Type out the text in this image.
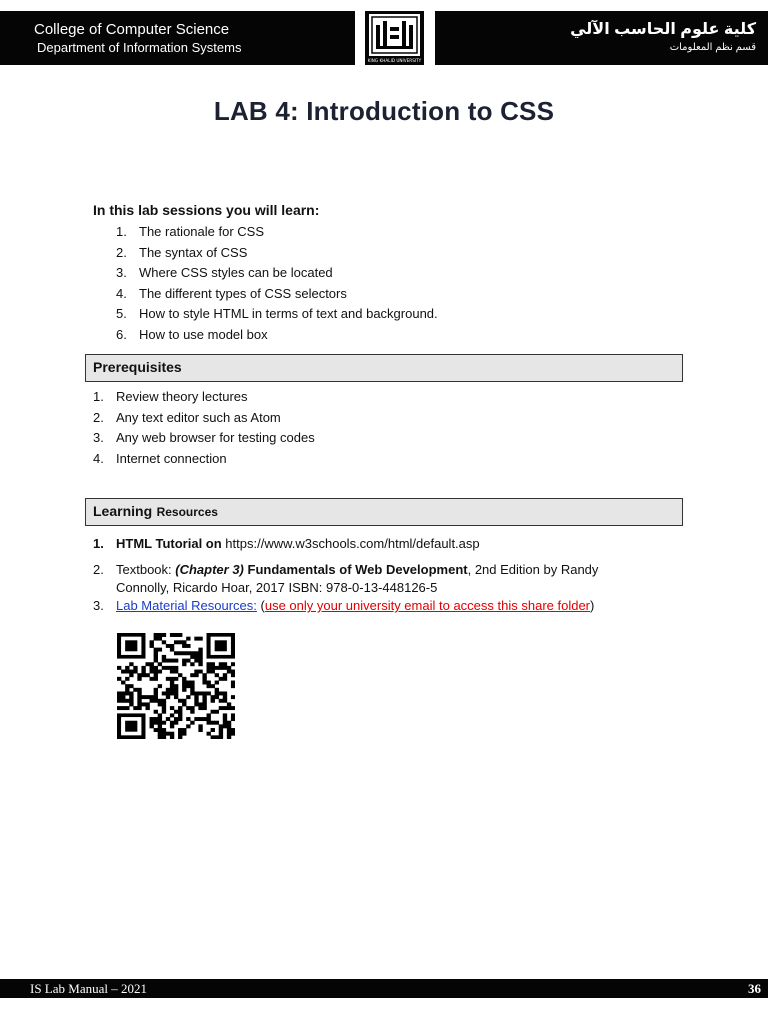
College of Computer Science
Department of Information Systems
KING KHALID UNIVERSITY
كلية علوم الحاسب الآلي
قسم نظم المعلومات
LAB 4: Introduction to CSS
In this lab sessions you will learn:
1. The rationale for CSS
2. The syntax of CSS
3. Where CSS styles can be located
4. The different types of CSS selectors
5. How to style HTML in terms of text and background.
6. How to use model box
Prerequisites
1. Review theory lectures
2. Any text editor such as Atom
3. Any web browser for testing codes
4. Internet connection
Learning Resources
1. HTML Tutorial on https://www.w3schools.com/html/default.asp
2. Textbook: (Chapter 3) Fundamentals of Web Development, 2nd Edition by Randy Connolly, Ricardo Hoar, 2017 ISBN: 978-0-13-448126-5
3. Lab Material Resources: (use only your university email to access this share folder)
IS Lab Manual – 2021	36
